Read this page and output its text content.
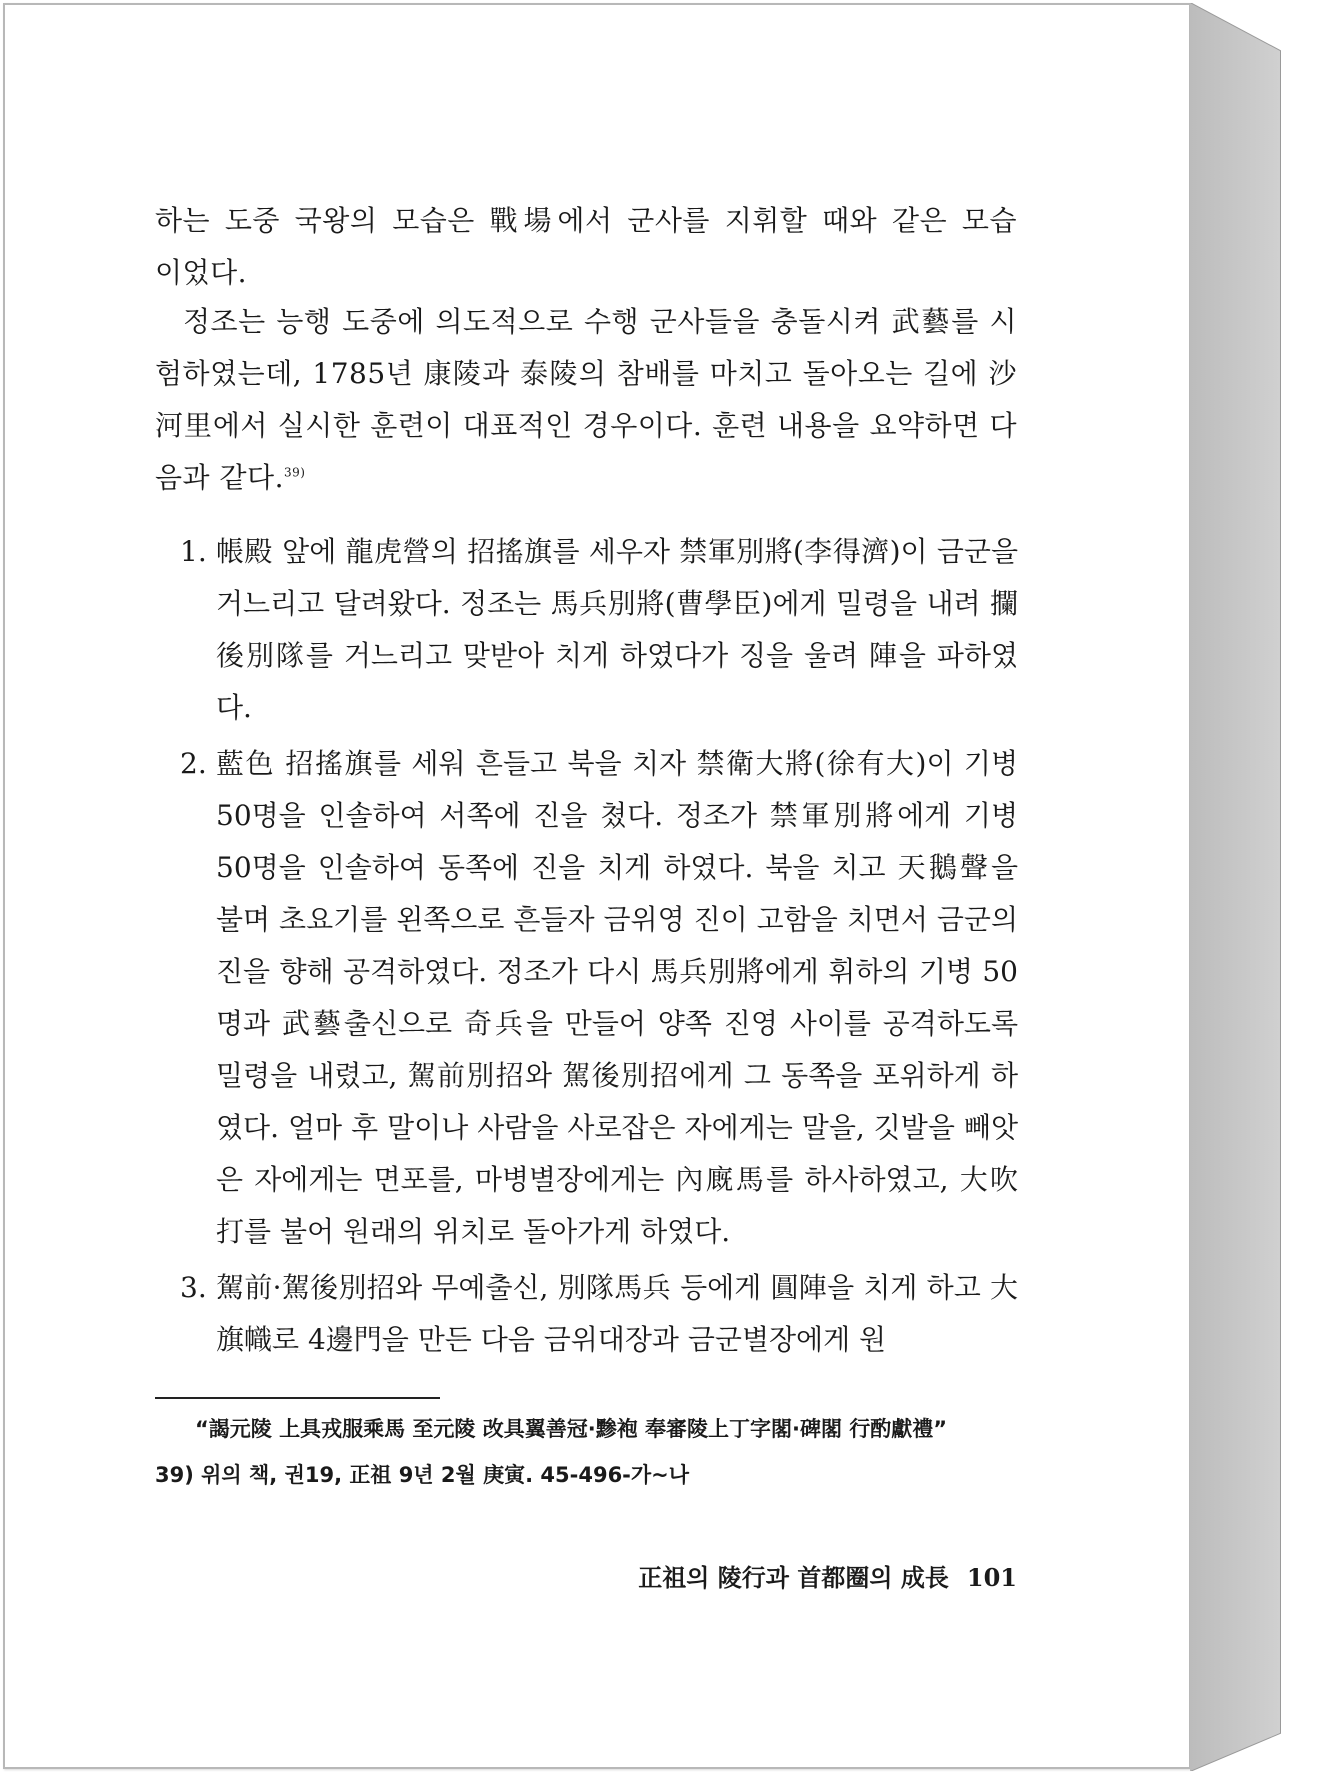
하는 도중 국왕의 모습은 戰場에서 군사를 지휘할 때와 같은 모습

이었다.

정조는 능행 도중에 의도적으로 수행 군사들을 충돌시켜 武藝를 시험하였는데, 1785년 康陵과 泰陵의 참배를 마치고 돌아오는 길에 沙河里에서 실시한 훈련이 대표적인 경우이다. 훈련 내용을 요약하면 다음과 같다.$^{39)}$

1. 帳殿 앞에 龍虎營의 招搖旗를 세우자 禁軍別將(李得濟)이 금군을 거느리고 달려왔다. 정조는 馬兵別將(曹學臣)에게 밀령을 내려 攔後別隊를 거느리고 맞받아 치게 하였다가 징을 울려 陣을 파하였다.
2. 藍色 招搖旗를 세워 흔들고 북을 치자 禁衛大將(徐有大)이 기병 50명을 인솔하여 서쪽에 진을 쳤다. 정조가 禁軍別將에게 기병 50명을 인솔하여 동쪽에 진을 치게 하였다. 북을 치고 天鵝聲을 불며 초요기를 왼쪽으로 흔들자 금위영 진이 고함을 치면서 금군의 진을 향해 공격하였다. 정조가 다시 馬兵別將에게 휘하의 기병 50명과 武藝출신으로 奇兵을 만들어 양쪽 진영 사이를 공격하도록 밀령을 내렸고, 駕前別招와 駕後別招에게 그 동쪽을 포위하게 하였다. 얼마 후 말이나 사람을 사로잡은 자에게는 말을, 깃발을 빼앗은 자에게는 면포를, 마병별장에게는 內廐馬를 하사하였고, 大吹打를 불어 원래의 위치로 돌아가게 하였다.
3. 駕前·駕後別招와 무예출신, 別隊馬兵 등에게 圓陣을 치게 하고 大旗幟로 4邊門을 만든 다음 금위대장과 금군별장에게 원
“謁元陵 上具戎服乘馬 至元陵 改具翼善冠·黪袍 奉審陵上丁字閣·碑閣 行酌獻禮”
39) 위의 책, 권19, 正祖 9년 2월 庚寅. 45-496-가~나
正祖의 陵行과 首都圈의 成長 101
